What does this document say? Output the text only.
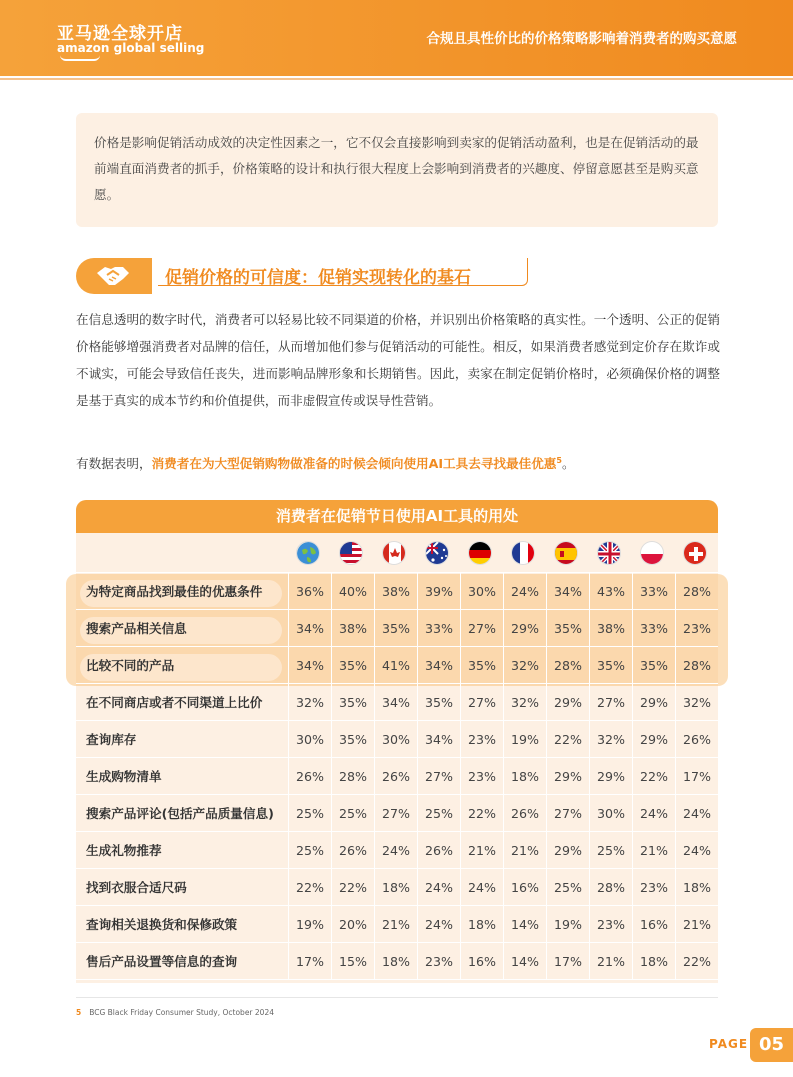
亚马逊全球开店
amazon global selling
合规且具性价比的价格策略影响着消费者的购买意愿
价格是影响促销活动成效的决定性因素之一，它不仅会直接影响到卖家的促销活动盈利，也是在促销活动的最前端直面消费者的抓手，价格策略的设计和执行很大程度上会影响到消费者的兴趣度、停留意愿甚至是购买意愿。
促销价格的可信度：促销实现转化的基石
在信息透明的数字时代，消费者可以轻易比较不同渠道的价格，并识别出价格策略的真实性。一个透明、公正的促销价格能够增强消费者对品牌的信任，从而增加他们参与促销活动的可能性。相反，如果消费者感觉到定价存在欺诈或不诚实，可能会导致信任丧失，进而影响品牌形象和长期销售。因此，卖家在制定促销价格时，必须确保价格的调整是基于真实的成本节约和价值提供，而非虚假宣传或误导性营销。
有数据表明，消费者在为大型促销购物做准备的时候会倾向使用AI工具去寻找最佳优惠$^5$。
消费者在促销节日使用AI工具的用处
为特定商品找到最佳的优惠条件	36%	40%	38%	39%	30%	24%	34%	43%	33%	28%
搜索产品相关信息	34%	38%	35%	33%	27%	29%	35%	38%	33%	23%
比较不同的产品	34%	35%	41%	34%	35%	32%	28%	35%	35%	28%
在不同商店或者不同渠道上比价	32%	35%	34%	35%	27%	32%	29%	27%	29%	32%
查询库存	30%	35%	30%	34%	23%	19%	22%	32%	29%	26%
生成购物清单	26%	28%	26%	27%	23%	18%	29%	29%	22%	17%
搜索产品评论(包括产品质量信息)	25%	25%	27%	25%	22%	26%	27%	30%	24%	24%
生成礼物推荐	25%	26%	24%	26%	21%	21%	29%	25%	21%	24%
找到衣服合适尺码	22%	22%	18%	24%	24%	16%	25%	28%	23%	18%
查询相关退换货和保修政策	19%	20%	21%	24%	18%	14%	19%	23%	16%	21%
售后产品设置等信息的查询	17%	15%	18%	23%	16%	14%	17%	21%	18%	22%
5 BCG Black Friday Consumer Study, October 2024
PAGE 05
